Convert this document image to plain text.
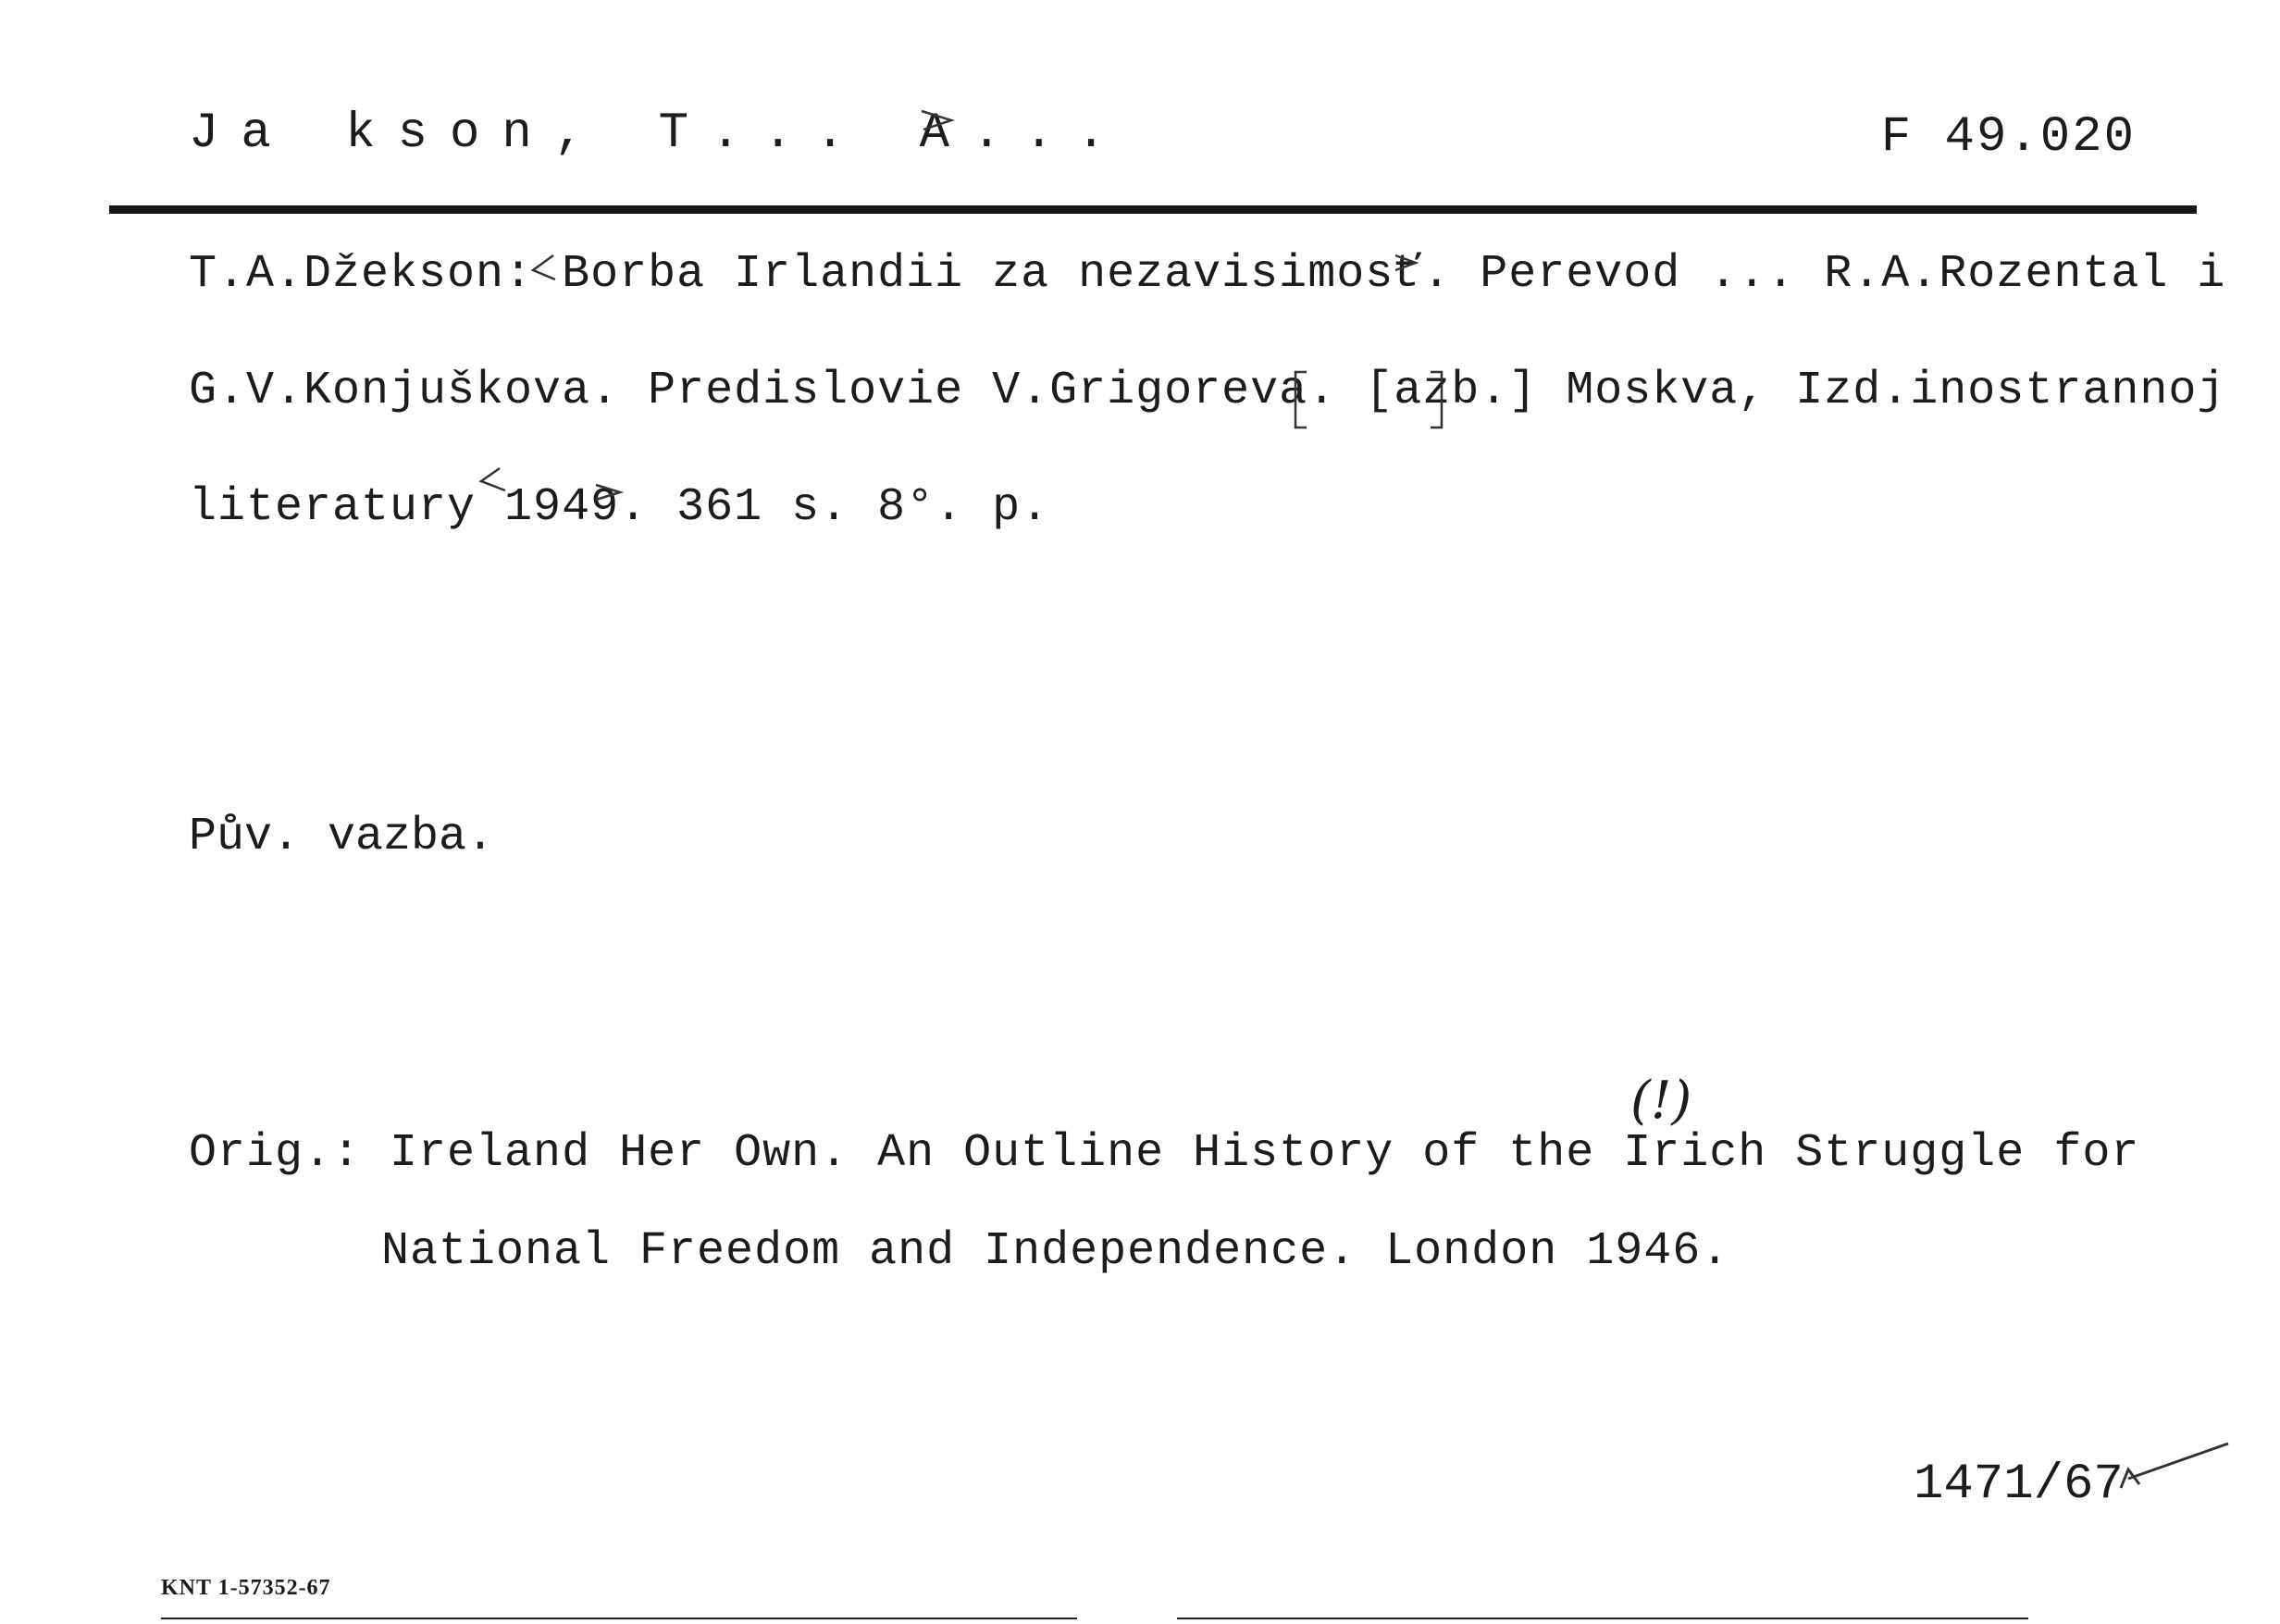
Ja kson, T... A...	F 49.020
T.A.Džekson: Borba Irlandii za nezavisimosť. Perevod ... R.A.Rozental i
G.V.Konjuškova. Predislovie V.Grigoreva. [azb.] Moskva, Izd.inostrannoj
literatury 1949. 361 s. 8°. p.
Pův. vazba.
(!)
Orig.: Ireland Her Own. An Outline History of the Irich Struggle for
National Freedom and Independence. London 1946.
1471/67
KNT 1-57352-67
